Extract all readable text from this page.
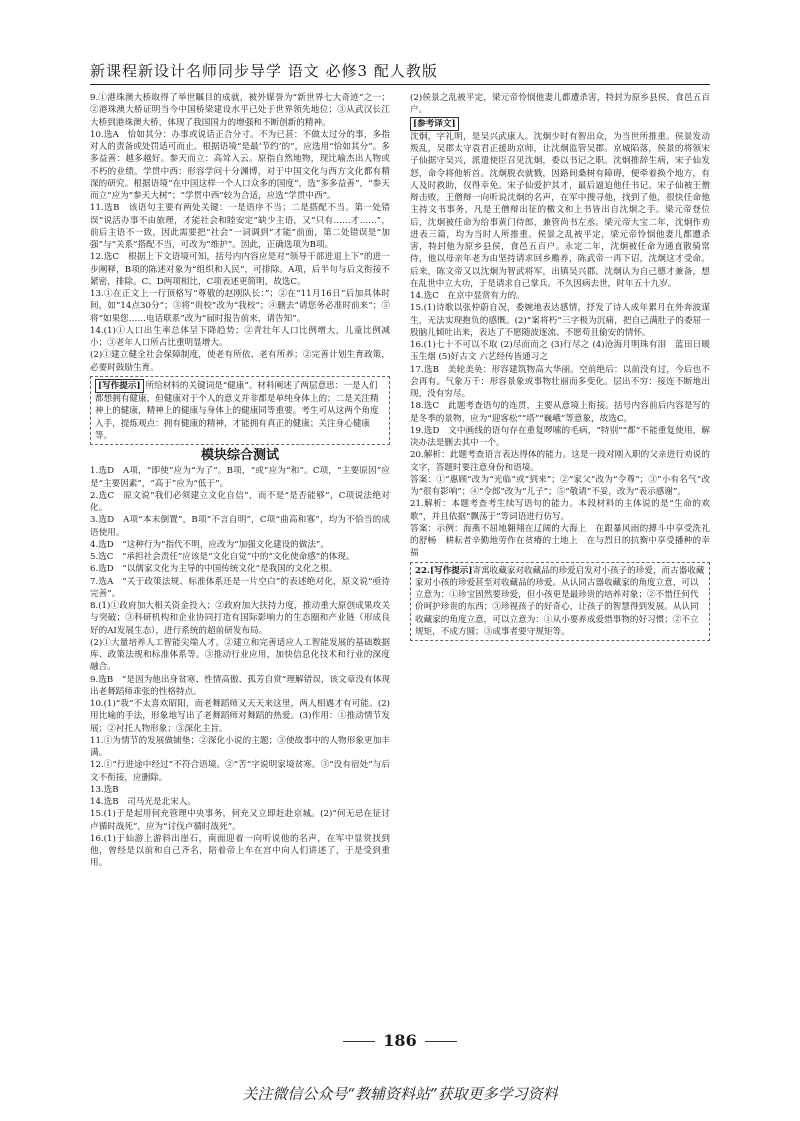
新课程新设计名师同步导学 语文 必修3 配人教版

9.①港珠澳大桥取得了举世瞩目的成就，被外媒誉为“新世界七大奇迹”之一；②港珠澳大桥证明当今中国桥梁建设水平已处于世界领先地位；③从武汉长江大桥到港珠澳大桥，体现了我国国力的增强和不断创新的精神。

10.选A　恰如其分：办事或说话正合分寸。不为已甚：不做太过分的事，多指对人的责备或处罚适可而止。根据语境“是最‘节约’的”，应选用“恰如其分”。多多益善：越多越好。参天而立：高耸入云。原指自然地物，现比喻杰出人物或不朽的业绩。学贯中西：形容学问十分渊博，对于中国文化与西方文化都有精深的研究。根据语境“在中国这样一个人口众多的国度”，选“多多益善”，“参天而立”应为“参天大树”；“学贯中西”较为合适，应选“学贯中西”。

11.选B　该语句主要有两处关键：一是语序不当；二是搭配不当。第一处错误“说活办事不由旅理，才能社会和睦安定”缺少主语，又“只有……才……”，前后主语不一致，因此需要把“社会”一词调到“才能”前面，第二处错误是“加强”与“关系”搭配不当，可改为“维护”。因此，正确选项为B项。

12.选C　根据上下文语境可知，括号内内容应是对“领导干部进退上下”的进一步阐释，B项的陈述对象为“组织和人民”，可排除。A项，后半句与后文衔接不紧密，排除。C、D两项相比，C项表述更简明，故选C。

13.①在正文上一行顶格写“尊敬的赵刚队长：”；②在“11月16日”后加具体时间，如“14点30分”；③将“贵校”改为“我校”；④删去“请您务必准时前来”；⑤将“如果您……电话联系”改为“届时报告前来，请告知”。

14.(1)①人口出生率总体呈下降趋势；②青壮年人口比例增大，儿童比例减小；③老年人口所占比重明显增大。

(2)①建立健全社会保障制度，使老有所依、老有所养；②完善计划生育政策，必要时鼓励生育。

[写作提示] 所给材料的关键词是“健康”。材料阐述了两层意思：一是人们都想拥有健康，但健康对于个人的意义并非都是单纯身体上的；二是关注精神上的健康，精神上的健康与身体上的健康同等重要。考生可从这两个角度入手，提炼观点：拥有健康的精神，才能拥有真正的健康；关注身心健康等。
模块综合测试

1.选D　A项，“即使”应为“为了”。B项，“或”应为“和”。C项，“主要原因”应是“主要因素”，“高于”应为“低于”。

2.选C　原文说“我们必须建立文化自信”，而不是“是否能够”，C项说法绝对化。

3.选D　A项“本末倒置”，B项“不言自明”，C项“曲高和寡”，均为不恰当的成语使用。

4.选D　“这种行为”指代不明，应改为“加强文化建设的做法”。

5.选C　“承担社会责任”应该是“文化自觉”中的“文化使命感”的体现。

6.选D　“以儒家文化为主导的中国传统文化”是我国的文化之根。

7.选A　“关于政策法规、标准体系还是一片空白”的表述绝对化，原文说“亟待完善”。

8.(1)①政府加大相关资金投入；②政府加大扶持力度，推动重大原创成果攻关与突破；③科研机构和企业协同打造有国际影响力的生态圈和产业链（形成良好的AI发展生态），进行系统的超前研发布局。

(2)①大量培养人工智能尖端人才。②建立和完善适应人工智能发展的基础数据库、政策法规和标准体系等。③推动行业应用，加快信息化技术和行业的深度融合。

9.选B　“是因为他出身贫寒、性情高傲、孤芳自赏”理解错误，该文章没有体现出老舞蹈师乖张的性格特点。

10.(1)“我”不太喜欢昭阳，而老舞蹈师又天天来这里，两人相遇才有可能。(2)用比喻的手法，形象地写出了老舞蹈师对舞蹈的热爱。(3)作用：①推动情节发展；②衬托人物形象；③深化主旨。

11.①为情节的发展做铺垫；②深化小说的主题；③使故事中的人物形象更加丰满。

12.①“行进途中经过”不符合语境。②“苦”字说明家境贫寒。③“没有宿处”与后文不衔接，应删除。

13.选B

14.选B　司马光是北宋人。

15.(1)于是起用何充管理中央事务，何充又立即赶赴京城。(2)“何无忌在征讨卢循时战死”，应为“讨伐卢循时战死”。

16.(1)于仙游上游斜出崖石，南面迎着一向听说他的名声，在军中显赏找到他，曾经是以前和自己齐名，陪着帝上车在宫中向人们讲述了，于是受到重用。

(2)侯景之乱被平定，梁元帝怜悯他妻儿都遭杀害，特封为原乡县侯，食邑五百户。

[参考译文]
沈炯，字礼明，是吴兴武康人。沈炯少时有智出众，为当世所推重。侯景发动叛乱，吴郡太守袁君正援助京师，让沈炯监管吴郡。京城陷落，侯景的将领宋子仙据守吴兴，派遣使臣召见沈炯，委以书记之职。沈炯推辞生病，宋子仙发怒，命令将他斩首。沈炯脱衣就戮，因路间桑树有障碍，便牵着换个地方，有人及时救助，仅得幸免。宋子仙爱护其才，最后逼迫他任书记。宋子仙被王僧辩击败，王僧辩一向听说沈炯的名声，在军中搜寻他，找到了他，很快任命他主持文书事务，凡是王僧辩出征的檄文和上书皆出自沈炯之手。梁元帝登位后，沈炯被任命为给事黄门侍郎，兼管尚书左丞。梁元帝大宝二年，沈炯作劝进表三篇，均为当时人所推重。侯景之乱被平定，梁元帝怜悯他妻儿都遭杀害，特封他为原乡县侯，食邑五百户。永定二年，沈炯被任命为通直散骑常侍，他以母亲年老为由坚持请求回乡赡养，陈武帝一再下诏，沈炯这才受命。后来，陈文帝又以沈炯为智武将军，出镇吴兴郡。沈炯认为自己德才兼备，想在乱世中立大功，于是请求自己掌兵。不久因病去世，时年五十九岁。

14.选C　在京中显赏有力的。

15.(1)诗歌以张仲蔚自况，委婉地表达感情，抒发了诗人成年累月在外奔波谋生，无法实现抱负的感慨。(2)“案将朽”三字极为沉痛，把自己满肚子的委屈一股脑儿倾吐出来，表达了不愿随波逐流、不愿苟且偷安的情怀。

16.(1)七十不可以不取 (2)尽而而之 (3)行尽之 (4)沧海月明珠有泪　蓝田日暖玉生烟 (5)好古文 六艺经传皆通习之

17.选B　美轮美奂：形容建筑物高大华丽。空前绝后：以前没有过，今后也不会再有。气象万千：形容景象或事物壮丽而多变化。层出不穷：接连不断地出现，没有穷尽。

18.选C　此题考查语句的连贯，主要从意境上衔接。括号内容前后内容是写的是冬季的景物，应为“迎客松”“塔”“巍峨”等意象，故选C。

19.选D　文中画线的语句存在重复啰嗦的毛病，“特别”“都”不能重复使用，解决办法是删去其中一个。

20.解析：此题考查语言表达得体的能力。这是一段对刚入职的父亲进行劝说的文字，答题时要注意身份和语境。

答案：①“惠顾”改为“光临”或“到来”；②“家父”改为“令尊”；③“小有名气”改为“很有影响”；④“令郎”改为“儿子”；⑤“敬请”不妥，改为“表示感谢”。

21.解析：本题考查考生续写语句的能力。本段材料的主体说的是“生命的欢歌”，并且依据“飘荡于”等词语进行仿写。

答案：示例：海燕不屈地翱翔在辽阔的大海上　在跟暴风雨的搏斗中享受洗礼的舒畅　耕耘者辛勤地劳作在贫瘠的土地上　在与烈日的抗衡中享受播种的幸福

22.[写作提示]寄寓收藏家对收藏品的珍爱启发对小孩子的珍爱，而古器收藏家对小孩的珍爱甚至对收藏品的珍爱。从认同古器收藏家的角度立意，可以立意为：①珍宝固然要珍爱，但小孩更是最珍贵的培养对象；②不惜任何代价呵护珍贵的东西；③珍视孩子的好奇心，让孩子的智慧得到发展。从认同收藏家的角度立意，可以立意为：①从小要养成爱惜事物的好习惯；②不立规矩，不成方圆；③成事者要守规矩等。
186
关注微信公众号“教辅资料站”获取更多学习资料
